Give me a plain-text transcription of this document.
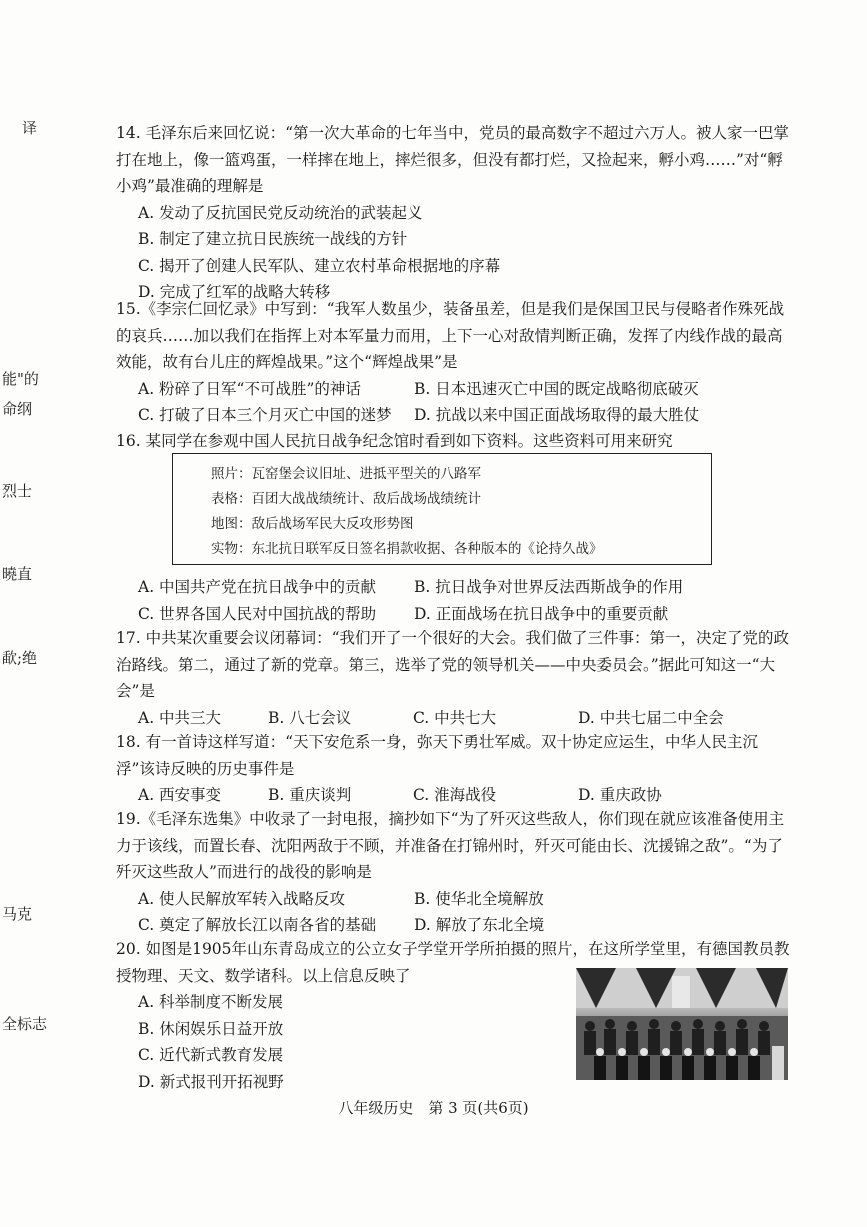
译
能"的
命纲
烈士
曉直
歃;绝
马克
全标志

14. 毛泽东后来回忆说：“第一次大革命的七年当中，党员的最高数字不超过六万人。被人家一巴掌打在地上，像一篮鸡蛋，一样摔在地上，摔烂很多，但没有都打烂，又捡起来，孵小鸡……”对“孵小鸡”最准确的理解是

A. 发动了反抗国民党反动统治的武装起义

B. 制定了建立抗日民族统一战线的方针

C. 揭开了创建人民军队、建立农村革命根据地的序幕

D. 完成了红军的战略大转移

15.《李宗仁回忆录》中写到：“我军人数虽少，装备虽差，但是我们是保国卫民与侵略者作殊死战的哀兵……加以我们在指挥上对本军量力而用，上下一心对敌情判断正确，发挥了内线作战的最高效能，故有台儿庄的辉煌战果。”这个“辉煌战果”是

A. 粉碎了日军“不可战胜”的神话	B. 日本迅速灭亡中国的既定战略彻底破灭

C. 打破了日本三个月灭亡中国的迷梦	D. 抗战以来中国正面战场取得的最大胜仗

16. 某同学在参观中国人民抗日战争纪念馆时看到如下资料。这些资料可用来研究

照片：瓦窑堡会议旧址、进抵平型关的八路军
表格：百团大战战绩统计、敌后战场战绩统计
地图：敌后战场军民大反攻形势图
实物：东北抗日联军反日签名捐款收据、各种版本的《论持久战》

A. 中国共产党在抗日战争中的贡献	B. 抗日战争对世界反法西斯战争的作用

C. 世界各国人民对中国抗战的帮助	D. 正面战场在抗日战争中的重要贡献

17. 中共某次重要会议闭幕词：“我们开了一个很好的大会。我们做了三件事：第一，决定了党的政治路线。第二，通过了新的党章。第三，选举了党的领导机关——中央委员会。”据此可知这一“大会”是

A. 中共三大	B. 八七会议	C. 中共七大	D. 中共七届二中全会

18. 有一首诗这样写道：“天下安危系一身，弥天下勇壮军威。双十协定应运生，中华人民主沉浮”该诗反映的历史事件是

A. 西安事变	B. 重庆谈判	C. 淮海战役	D. 重庆政协

19.《毛泽东选集》中收录了一封电报，摘抄如下“为了歼灭这些敌人，你们现在就应该准备使用主力于该线，而置长春、沈阳两敌于不顾，并准备在打锦州时，歼灭可能由长、沈援锦之敌”。“为了歼灭这些敌人”而进行的战役的影响是

A. 使人民解放军转入战略反攻	B. 使华北全境解放

C. 奠定了解放长江以南各省的基础	D. 解放了东北全境

20. 如图是1905年山东青岛成立的公立女子学堂开学所拍摄的照片，在这所学堂里，有德国教员教授物理、天文、数学诸科。以上信息反映了

A. 科举制度不断发展

B. 休闲娱乐日益开放

C. 近代新式教育发展

D. 新式报刊开拓视野

八年级历史　第 3 页(共6页)
